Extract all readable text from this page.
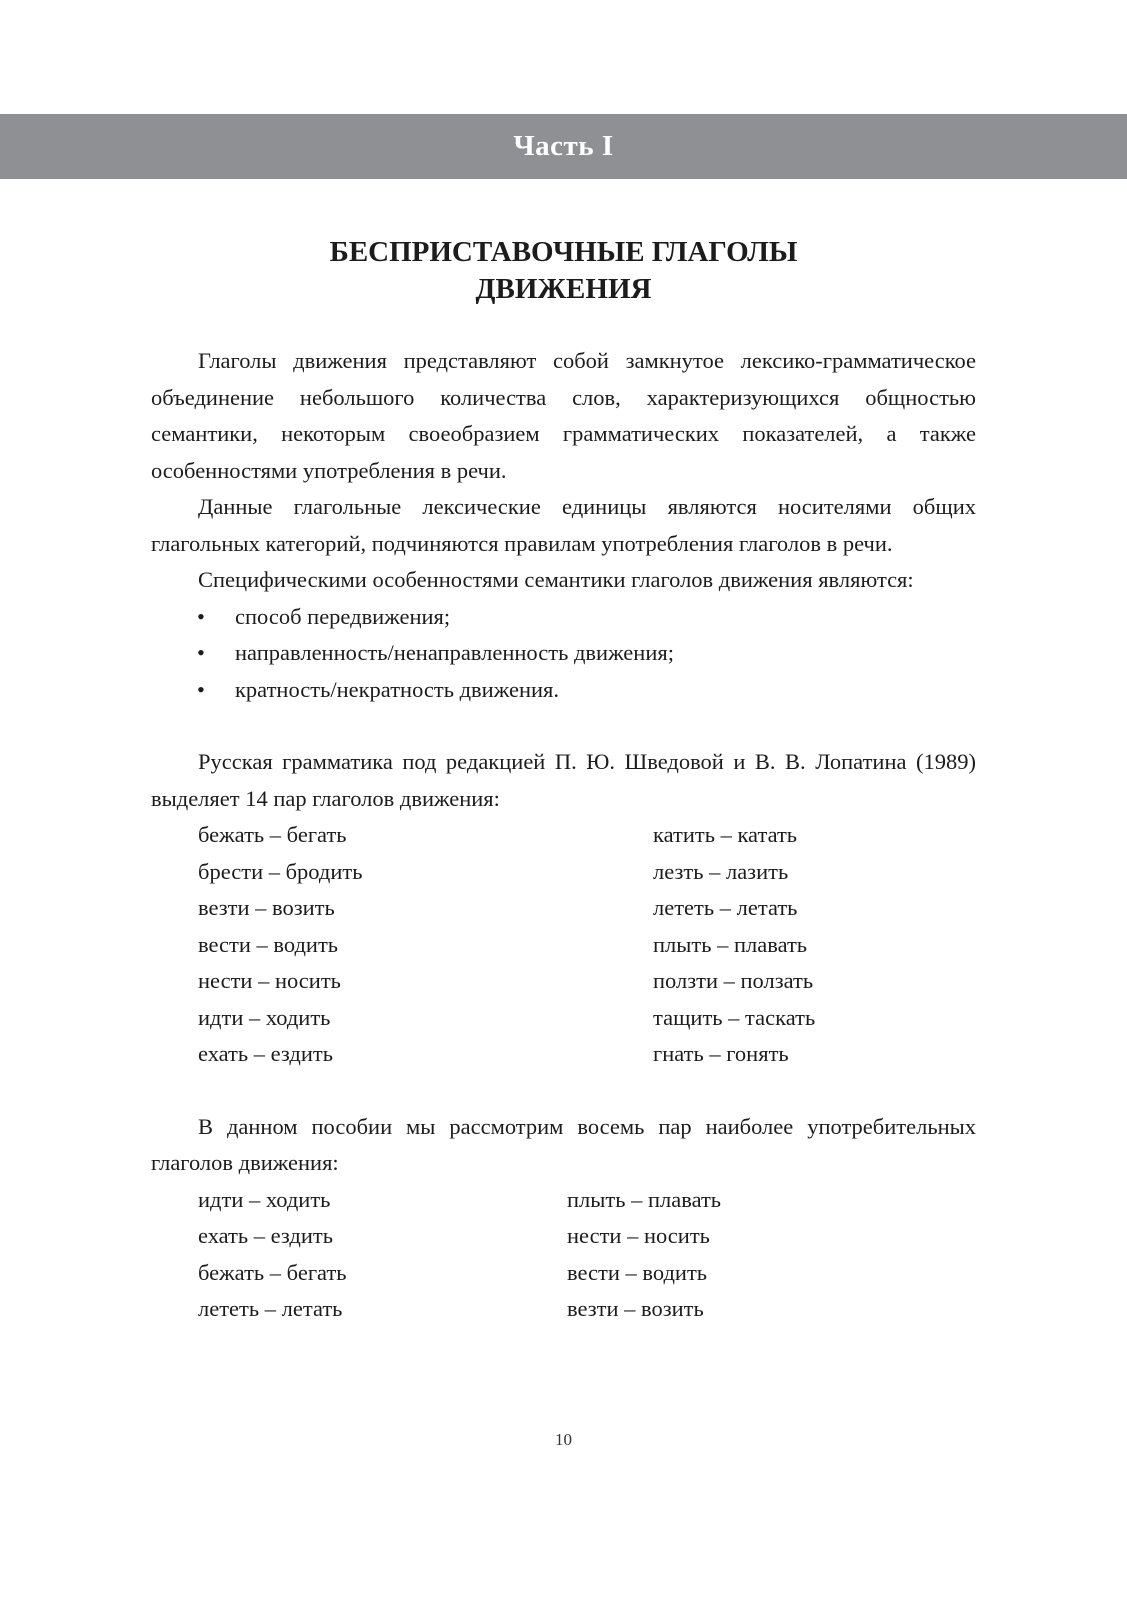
Часть I
БЕСПРИСТАВОЧНЫЕ ГЛАГОЛЫ
ДВИЖЕНИЯ

Глаголы движения представляют собой замкнутое лексико-грамматическое объединение небольшого количества слов, характеризующихся общностью семантики, некоторым своеобразием грамматических показателей, а также особенностями употребления в речи.

Данные глагольные лексические единицы являются носителями общих глагольных категорий, подчиняются правилам употребления глаголов в речи.

Специфическими особенностями семантики глаголов движения являются:

• способ передвижения;
• направленность/ненаправленность движения;
• кратность/некратность движения.

Русская грамматика под редакцией П. Ю. Шведовой и В. В. Лопатина (1989) выделяет 14 пар глаголов движения:

бежать – бегать
брести – бродить
везти – возить
вести – водить
нести – носить
идти – ходить
ехать – ездить
катить – катать
лезть – лазить
лететь – летать
плыть – плавать
ползти – ползать
тащить – таскать
гнать – гонять

В данном пособии мы рассмотрим восемь пар наиболее употребительных глаголов движения:

идти – ходить
ехать – ездить
бежать – бегать
лететь – летать
плыть – плавать
нести – носить
вести – водить
везти – возить
10
